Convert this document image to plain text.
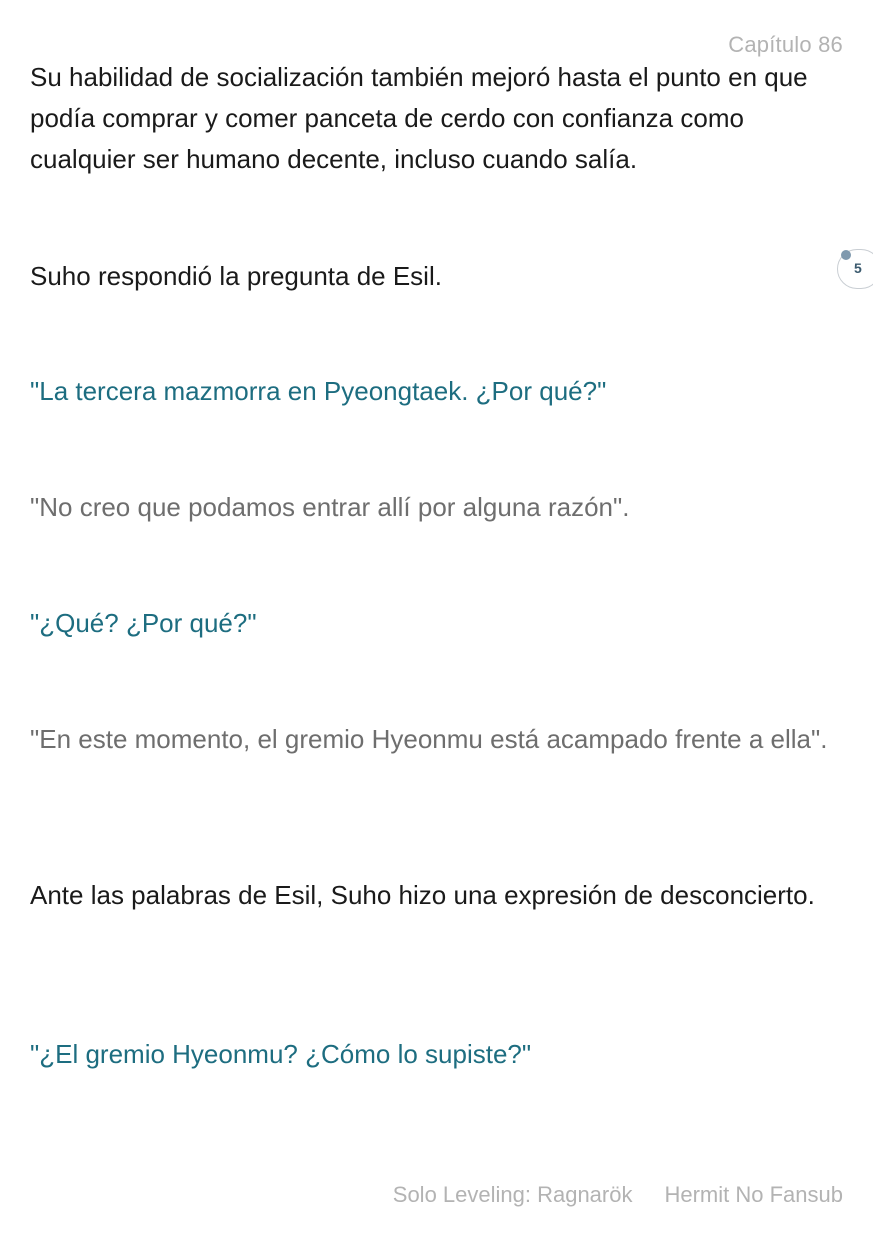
Capítulo 86

Su habilidad de socialización también mejoró hasta el punto en que podía comprar y comer panceta de cerdo con confianza como cualquier ser humano decente, incluso cuando salía.

Suho respondió la pregunta de Esil.

"La tercera mazmorra en Pyeongtaek. ¿Por qué?"

"No creo que podamos entrar allí por alguna razón".

"¿Qué? ¿Por qué?"

"En este momento, el gremio Hyeonmu está acampado frente a ella".

Ante las palabras de Esil, Suho hizo una expresión de desconcierto.

"¿El gremio Hyeonmu? ¿Cómo lo supiste?"

5
Solo Leveling: Ragnarök Hermit No Fansub
